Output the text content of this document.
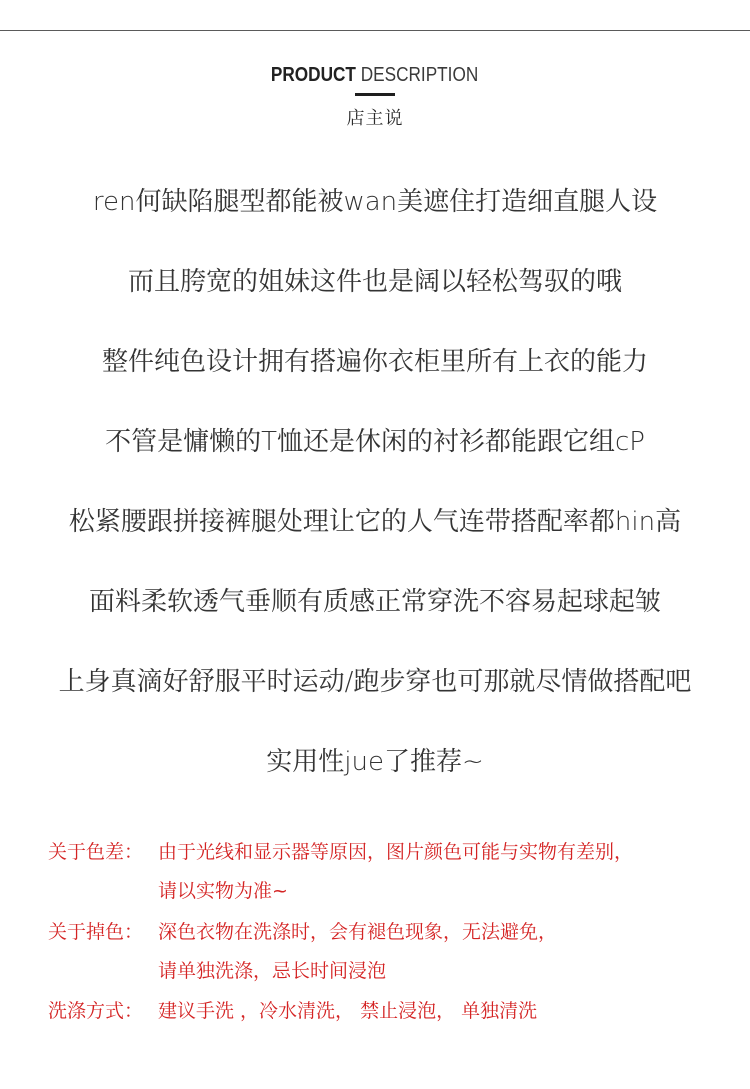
PRODUCT DESCRIPTION
店主说
ren何缺陷腿型都能被wan美遮住打造细直腿人设
而且胯宽的姐妹这件也是阔以轻松驾驭的哦
整件纯色设计拥有搭遍你衣柜里所有上衣的能力
不管是慵懒的T恤还是休闲的衬衫都能跟它组cP
松紧腰跟拼接裤腿处理让它的人气连带搭配率都hin高
面料柔软透气垂顺有质感正常穿洗不容易起球起皱
上身真滴好舒服平时运动/跑步穿也可那就尽情做搭配吧
实用性jue了推荐~
关于色差： 由于光线和显示器等原因，图片颜色可能与实物有差别，
请以实物为准~
关于掉色： 深色衣物在洗涤时，会有褪色现象，无法避免，
请单独洗涤，忌长时间浸泡
洗涤方式： 建议手洗 ，冷水清洗， 禁止浸泡， 单独清洗
